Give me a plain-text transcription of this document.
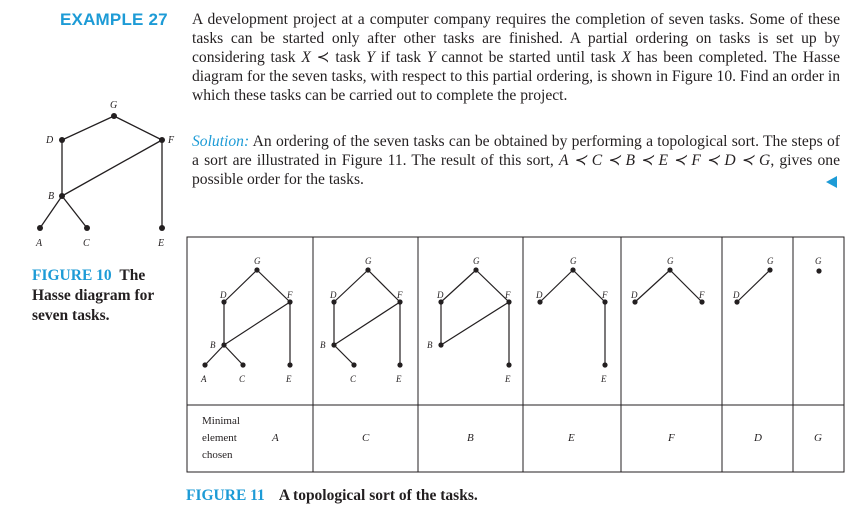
EXAMPLE 27 A development project at a computer company requires the completion of seven tasks. Some of these tasks can be started only after other tasks are finished. A partial ordering on tasks is set up by considering task X ≺ task Y if task Y cannot be started until task X has been completed. The Hasse diagram for the seven tasks, with respect to this partial ordering, is shown in Figure 10. Find an order in which these tasks can be carried out to complete the project.
Solution: An ordering of the seven tasks can be obtained by performing a topological sort. The steps of a sort are illustrated in Figure 11. The result of this sort, A ≺ C ≺ B ≺ E ≺ F ≺ D ≺ G, gives one possible order for the tasks.
G
D	F
B
A	C	E
FIGURE 10 The Hasse diagram for seven tasks.
G
D	F
B
A	C	E
G
D	F
B
C	E
G
D	F
B
E
G
D	F
E
G
D	F
G
D
G
Minimal
element
chosen
A	C	B	E	F	D	G
FIGURE 11 A topological sort of the tasks.
